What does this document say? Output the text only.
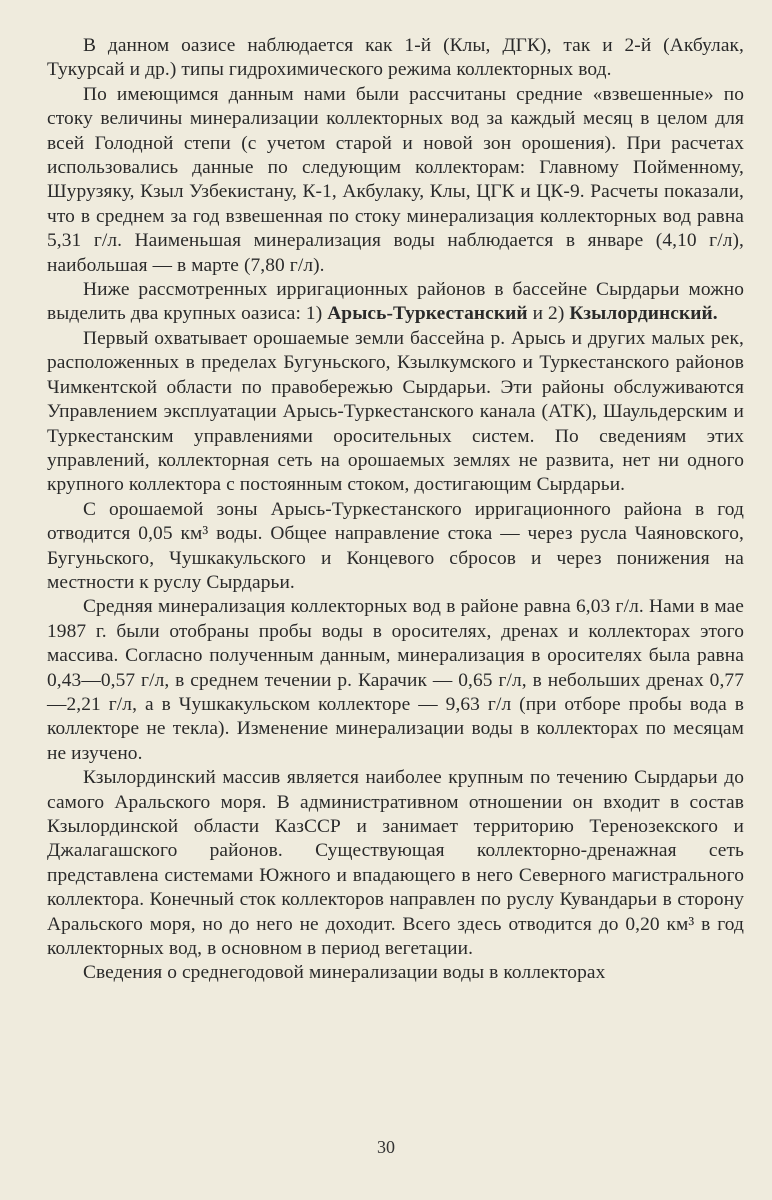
В данном оазисе наблюдается как 1-й (Клы, ДГК), так и 2-й (Акбулак, Тукурсай и др.) типы гидрохимического режима коллекторных вод.

По имеющимся данным нами были рассчитаны средние «взвешенные» по стоку величины минерализации коллекторных вод за каждый месяц в целом для всей Голодной степи (с учетом старой и новой зон орошения). При расчетах использовались данные по следующим коллекторам: Главному Пойменному, Шурузяку, Кзыл Узбекистану, К-1, Акбулаку, Клы, ЦГК и ЦК-9. Расчеты показали, что в среднем за год взвешенная по стоку минерализация коллекторных вод равна 5,31 г/л. Наименьшая минерализация воды наблюдается в январе (4,10 г/л), наибольшая — в марте (7,80 г/л).

Ниже рассмотренных ирригационных районов в бассейне Сырдарьи можно выделить два крупных оазиса: 1) Арысь-Туркестанский и 2) Кзылординский.

Первый охватывает орошаемые земли бассейна р. Арысь и других малых рек, расположенных в пределах Бугуньского, Кзылкумского и Туркестанского районов Чимкентской области по правобережью Сырдарьи. Эти районы обслуживаются Управлением эксплуатации Арысь-Туркестанского канала (АТК), Шаульдерским и Туркестанским управлениями оросительных систем. По сведениям этих управлений, коллекторная сеть на орошаемых землях не развита, нет ни одного крупного коллектора с постоянным стоком, достигающим Сырдарьи.

С орошаемой зоны Арысь-Туркестанского ирригационного района в год отводится 0,05 км³ воды. Общее направление стока — через русла Чаяновского, Бугуньского, Чушкакульского и Концевого сбросов и через понижения на местности к руслу Сырдарьи.

Средняя минерализация коллекторных вод в районе равна 6,03 г/л. Нами в мае 1987 г. были отобраны пробы воды в оросителях, дренах и коллекторах этого массива. Согласно полученным данным, минерализация в оросителях была равна 0,43—0,57 г/л, в среднем течении р. Карачик — 0,65 г/л, в небольших дренах 0,77—2,21 г/л, а в Чушкакульском коллекторе — 9,63 г/л (при отборе пробы вода в коллекторе не текла). Изменение минерализации воды в коллекторах по месяцам не изучено.

Кзылординский массив является наиболее крупным по течению Сырдарьи до самого Аральского моря. В административном отношении он входит в состав Кзылординской области КазССР и занимает территорию Теренозекского и Джалагашского районов. Существующая коллекторно-дренажная сеть представлена системами Южного и впадающего в него Северного магистрального коллектора. Конечный сток коллекторов направлен по руслу Кувандарьи в сторону Аральского моря, но до него не доходит. Всего здесь отводится до 0,20 км³ в год коллекторных вод, в основном в период вегетации.

Сведения о среднегодовой минерализации воды в коллекторах

30
